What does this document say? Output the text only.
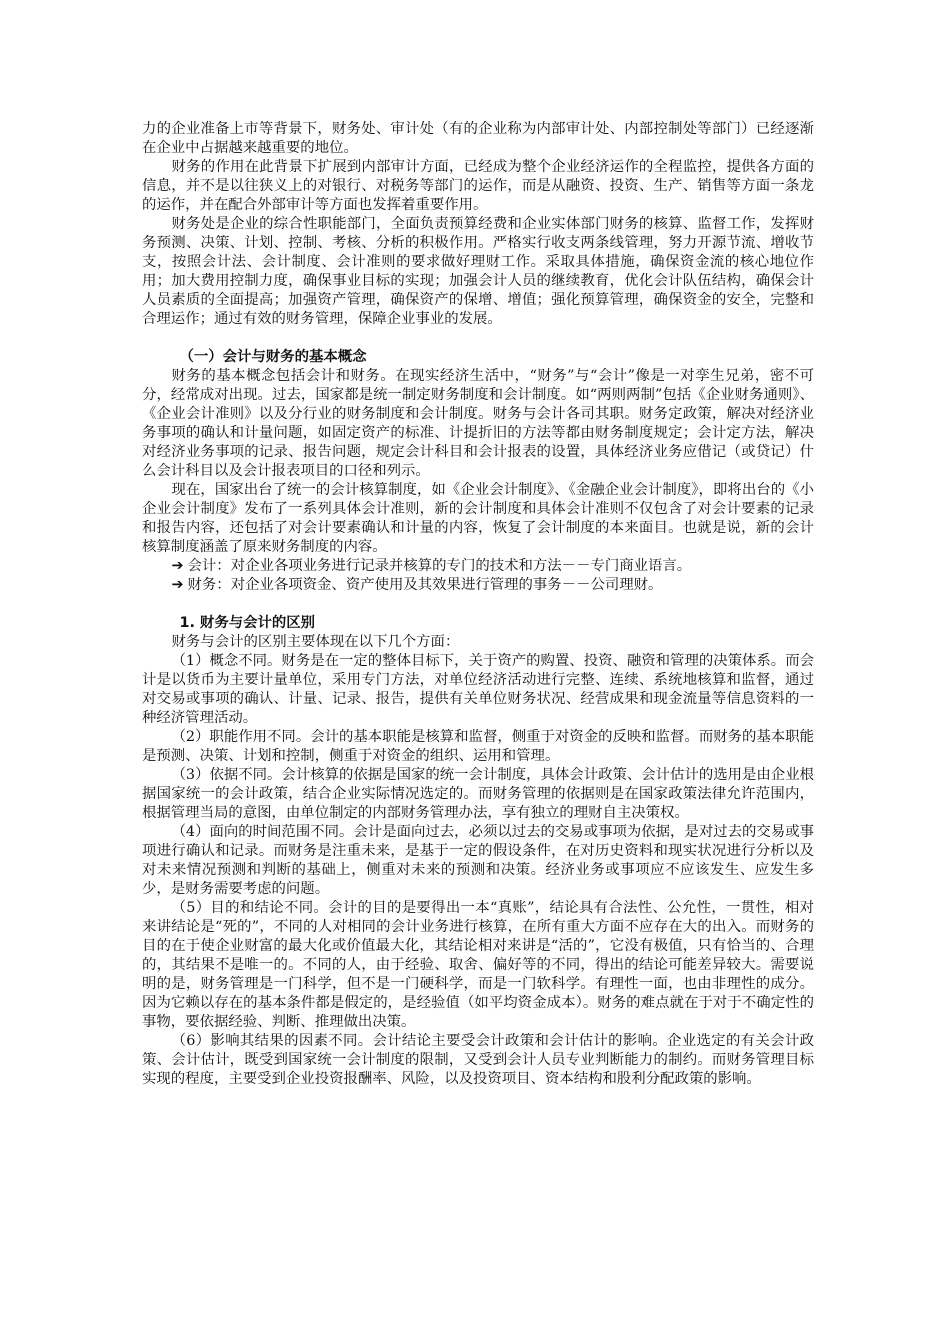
力的企业准备上市等背景下，财务处、审计处（有的企业称为内部审计处、内部控制处等部门）已经逐渐在企业中占据越来越重要的地位。

财务的作用在此背景下扩展到内部审计方面，已经成为整个企业经济运作的全程监控，提供各方面的信息，并不是以往狭义上的对银行、对税务等部门的运作，而是从融资、投资、生产、销售等方面一条龙的运作，并在配合外部审计等方面也发挥着重要作用。

财务处是企业的综合性职能部门，全面负责预算经费和企业实体部门财务的核算、监督工作，发挥财务预测、决策、计划、控制、考核、分析的积极作用。严格实行收支两条线管理，努力开源节流、增收节支，按照会计法、会计制度、会计准则的要求做好理财工作。采取具体措施，确保资金流的核心地位作用；加大费用控制力度，确保事业目标的实现；加强会计人员的继续教育，优化会计队伍结构，确保会计人员素质的全面提高；加强资产管理，确保资产的保增、增值；强化预算管理，确保资金的安全，完整和合理运作；通过有效的财务管理，保障企业事业的发展。

（一）会计与财务的基本概念

财务的基本概念包括会计和财务。在现实经济生活中，“财务”与“会计”像是一对孪生兄弟，密不可分，经常成对出现。过去，国家都是统一制定财务制度和会计制度。如“两则两制”包括《企业财务通则》、《企业会计准则》以及分行业的财务制度和会计制度。财务与会计各司其职。财务定政策，解决对经济业务事项的确认和计量问题，如固定资产的标准、计提折旧的方法等都由财务制度规定；会计定方法，解决对经济业务事项的记录、报告问题，规定会计科目和会计报表的设置，具体经济业务应借记（或贷记）什么会计科目以及会计报表项目的口径和列示。

现在，国家出台了统一的会计核算制度，如《企业会计制度》、《金融企业会计制度》，即将出台的《小企业会计制度》发布了一系列具体会计准则，新的会计制度和具体会计准则不仅包含了对会计要素的记录和报告内容，还包括了对会计要素确认和计量的内容，恢复了会计制度的本来面目。也就是说，新的会计核算制度涵盖了原来财务制度的内容。

➔ 会计：对企业各项业务进行记录并核算的专门的技术和方法－－专门商业语言。

➔ 财务：对企业各项资金、资产使用及其效果进行管理的事务－－公司理财。

1. 财务与会计的区别

财务与会计的区别主要体现在以下几个方面：

（1）概念不同。财务是在一定的整体目标下，关于资产的购置、投资、融资和管理的决策体系。而会计是以货币为主要计量单位，采用专门方法，对单位经济活动进行完整、连续、系统地核算和监督，通过对交易或事项的确认、计量、记录、报告，提供有关单位财务状况、经营成果和现金流量等信息资料的一种经济管理活动。

（2）职能作用不同。会计的基本职能是核算和监督，侧重于对资金的反映和监督。而财务的基本职能是预测、决策、计划和控制，侧重于对资金的组织、运用和管理。

（3）依据不同。会计核算的依据是国家的统一会计制度，具体会计政策、会计估计的选用是由企业根据国家统一的会计政策，结合企业实际情况选定的。而财务管理的依据则是在国家政策法律允许范围内，根据管理当局的意图，由单位制定的内部财务管理办法，享有独立的理财自主决策权。

（4）面向的时间范围不同。会计是面向过去，必须以过去的交易或事项为依据，是对过去的交易或事项进行确认和记录。而财务是注重未来，是基于一定的假设条件，在对历史资料和现实状况进行分析以及对未来情况预测和判断的基础上，侧重对未来的预测和决策。经济业务或事项应不应该发生、应发生多少，是财务需要考虑的问题。

（5）目的和结论不同。会计的目的是要得出一本“真账”，结论具有合法性、公允性，一贯性，相对来讲结论是“死的”，不同的人对相同的会计业务进行核算，在所有重大方面不应存在大的出入。而财务的目的在于使企业财富的最大化或价值最大化，其结论相对来讲是“活的”，它没有极值，只有恰当的、合理的，其结果不是唯一的。不同的人，由于经验、取舍、偏好等的不同，得出的结论可能差异较大。需要说明的是，财务管理是一门科学，但不是一门硬科学，而是一门软科学。有理性一面，也由非理性的成分。因为它赖以存在的基本条件都是假定的，是经验值（如平均资金成本）。财务的难点就在于对于不确定性的事物，要依据经验、判断、推理做出决策。

（6）影响其结果的因素不同。会计结论主要受会计政策和会计估计的影响。企业选定的有关会计政策、会计估计，既受到国家统一会计制度的限制，又受到会计人员专业判断能力的制约。而财务管理目标实现的程度，主要受到企业投资报酬率、风险，以及投资项目、资本结构和股利分配政策的影响。
